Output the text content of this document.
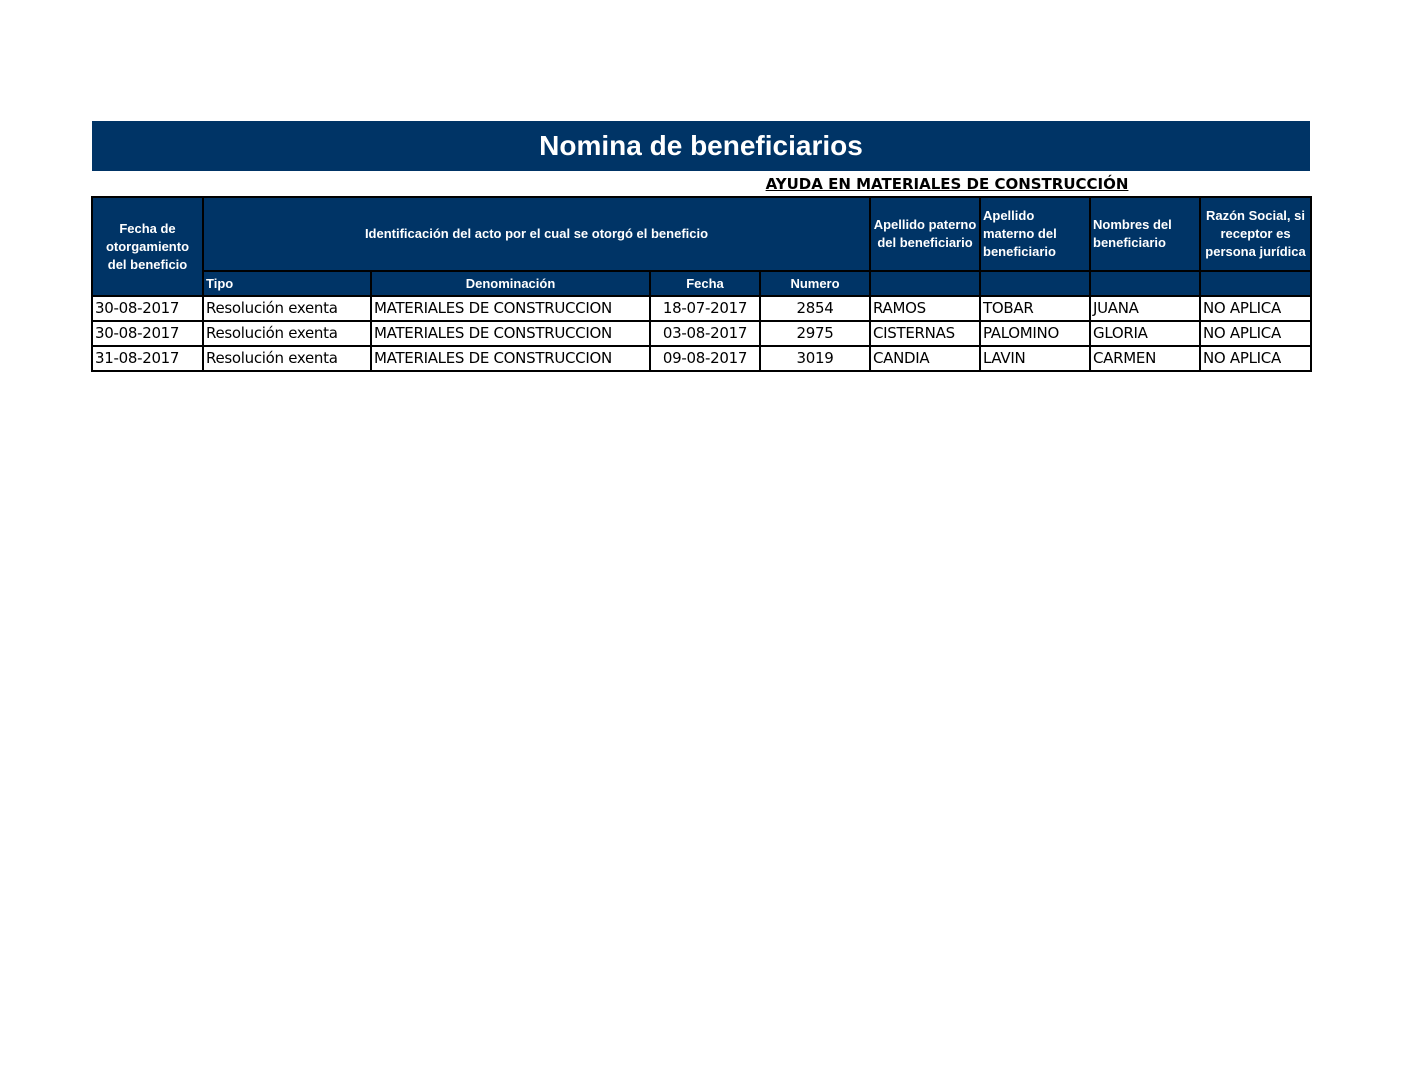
Nomina de beneficiarios
AYUDA EN MATERIALES DE CONSTRUCCIÓN
Fecha de otorgamiento del beneficio	Identificación del acto por el cual se otorgó el beneficio				Apellido paterno del beneficiario	Apellido materno del beneficiario	Nombres del beneficiario	Razón Social, si receptor es persona jurídica
	Tipo	Denominación	Fecha	Numero				
30-08-2017	Resolución exenta	MATERIALES DE CONSTRUCCION	18-07-2017	2854	RAMOS	TOBAR	JUANA	NO APLICA
30-08-2017	Resolución exenta	MATERIALES DE CONSTRUCCION	03-08-2017	2975	CISTERNAS	PALOMINO	GLORIA	NO APLICA
31-08-2017	Resolución exenta	MATERIALES DE CONSTRUCCION	09-08-2017	3019	CANDIA	LAVIN	CARMEN	NO APLICA
